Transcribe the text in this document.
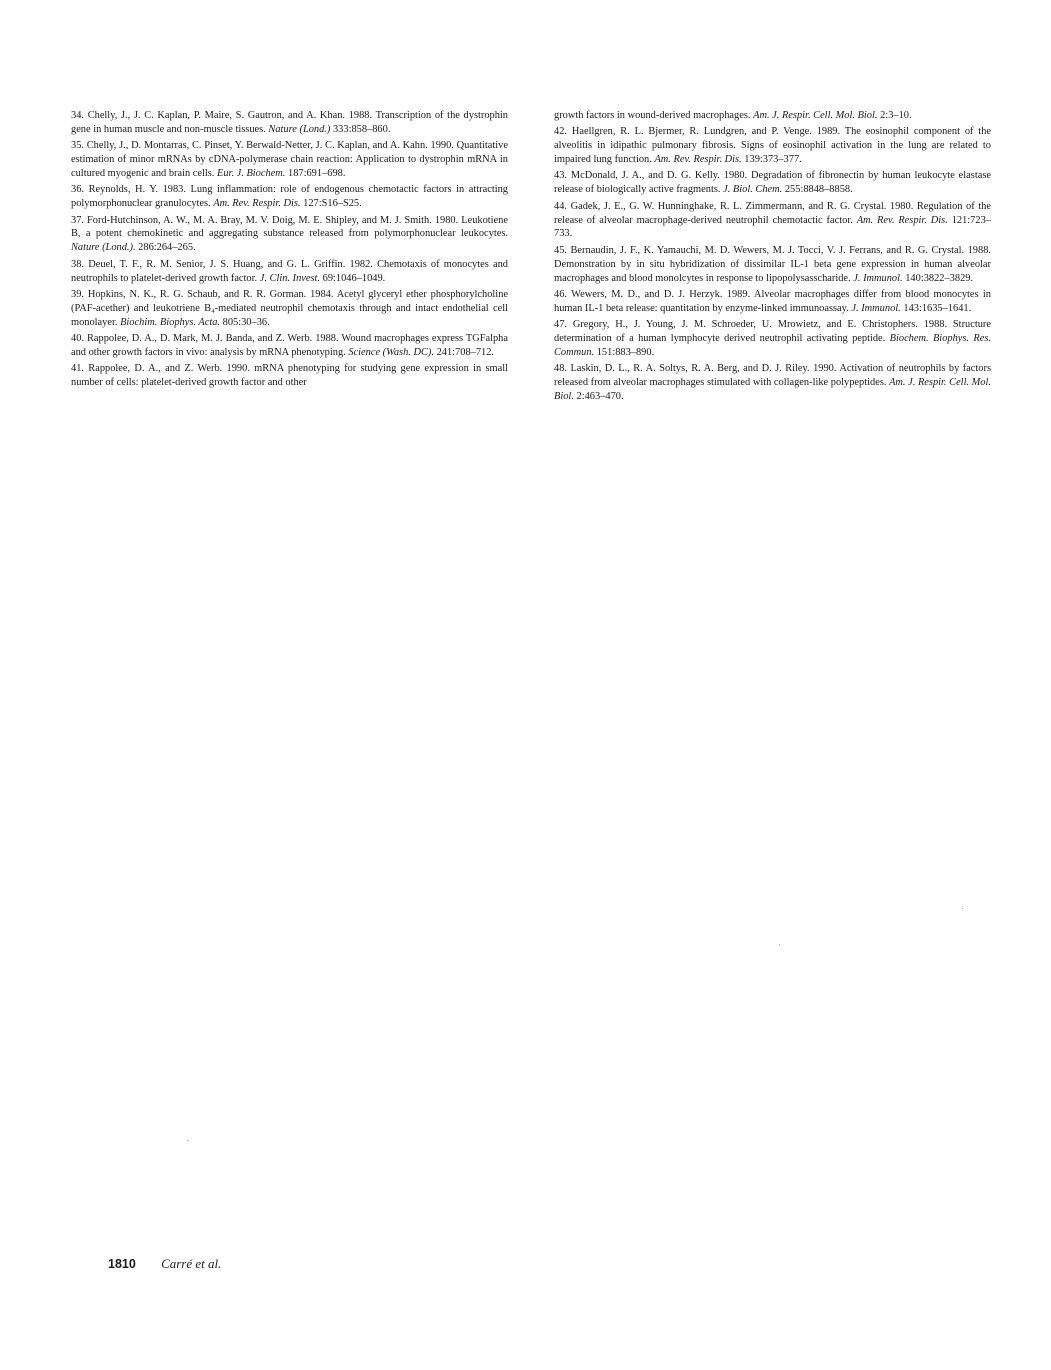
34. Chelly, J., J. C. Kaplan, P. Maire, S. Gautron, and A. Khan. 1988. Transcription of the dystrophin gene in human muscle and non-muscle tissues. Nature (Lond.) 333:858–860.

35. Chelly, J., D. Montarras, C. Pinset, Y. Berwald-Netter, J. C. Kaplan, and A. Kahn. 1990. Quantitative estimation of minor mRNAs by cDNA-polymerase chain reaction: Application to dystrophin mRNA in cultured myogenic and brain cells. Eur. J. Biochem. 187:691–698.

36. Reynolds, H. Y. 1983. Lung inflammation: role of endogenous chemotactic factors in attracting polymorphonuclear granulocytes. Am. Rev. Respir. Dis. 127:S16–S25.

37. Ford-Hutchinson, A. W., M. A. Bray, M. V. Doig, M. E. Shipley, and M. J. Smith. 1980. Leukotiene B, a potent chemokinetic and aggregating substance released from polymorphonuclear leukocytes. Nature (Lond.). 286:264–265.

38. Deuel, T. F., R. M. Senior, J. S. Huang, and G. L. Griffin. 1982. Chemotaxis of monocytes and neutrophils to platelet-derived growth factor. J. Clin. Invest. 69:1046–1049.

39. Hopkins, N. K., R. G. Schaub, and R. R. Gorman. 1984. Acetyl glyceryl ether phosphorylcholine (PAF-acether) and leukotriene B₄-mediated neutrophil chemotaxis through and intact endothelial cell monolayer. Biochim. Biophys. Acta. 805:30–36.

40. Rappolee, D. A., D. Mark, M. J. Banda, and Z. Werb. 1988. Wound macrophages express TGFalpha and other growth factors in vivo: analysis by mRNA phenotyping. Science (Wash. DC). 241:708–712.

41. Rappolee, D. A., and Z. Werb. 1990. mRNA phenotyping for studying gene expression in small number of cells: platelet-derived growth factor and other

growth factors in wound-derived macrophages. Am. J. Respir. Cell. Mol. Biol. 2:3–10.

42. Haellgren, R. L. Bjermer, R. Lundgren, and P. Venge. 1989. The eosinophil component of the alveolitis in idipathic pulmonary fibrosis. Signs of eosinophil activation in the lung are related to impaired lung function. Am. Rev. Respir. Dis. 139:373–377.

43. McDonald, J. A., and D. G. Kelly. 1980. Degradation of fibronectin by human leukocyte elastase release of biologically active fragments. J. Biol. Chem. 255:8848–8858.

44. Gadek, J. E., G. W. Hunninghake, R. L. Zimmermann, and R. G. Crystal. 1980. Regulation of the release of alveolar macrophage-derived neutrophil chemotactic factor. Am. Rev. Respir. Dis. 121:723–733.

45. Bernaudin, J. F., K. Yamauchi, M. D. Wewers, M. J. Tocci, V. J. Ferrans, and R. G. Crystal. 1988. Demonstration by in situ hybridization of dissimilar IL-1 beta gene expression in human alveolar macrophages and blood monolcytes in response to lipopolysasscharide. J. Immunol. 140:3822–3829.

46. Wewers, M. D., and D. J. Herzyk. 1989. Alveolar macrophages differ from blood monocytes in human IL-1 beta release: quantitation by enzyme-linked immunoassay. J. Immunol. 143:1635–1641.

47. Gregory, H., J. Young, J. M. Schroeder, U. Mrowietz, and E. Christophers. 1988. Structure determination of a human lymphocyte derived neutrophil activating peptide. Biochem. Biophys. Res. Commun. 151:883–890.

48. Laskin, D. L., R. A. Soltys, R. A. Berg, and D. J. Riley. 1990. Activation of neutrophils by factors released from alveolar macrophages stimulated with collagen-like polypeptides. Am. J. Respir. Cell. Mol. Biol. 2:463–470.

1810 Carré et al.
